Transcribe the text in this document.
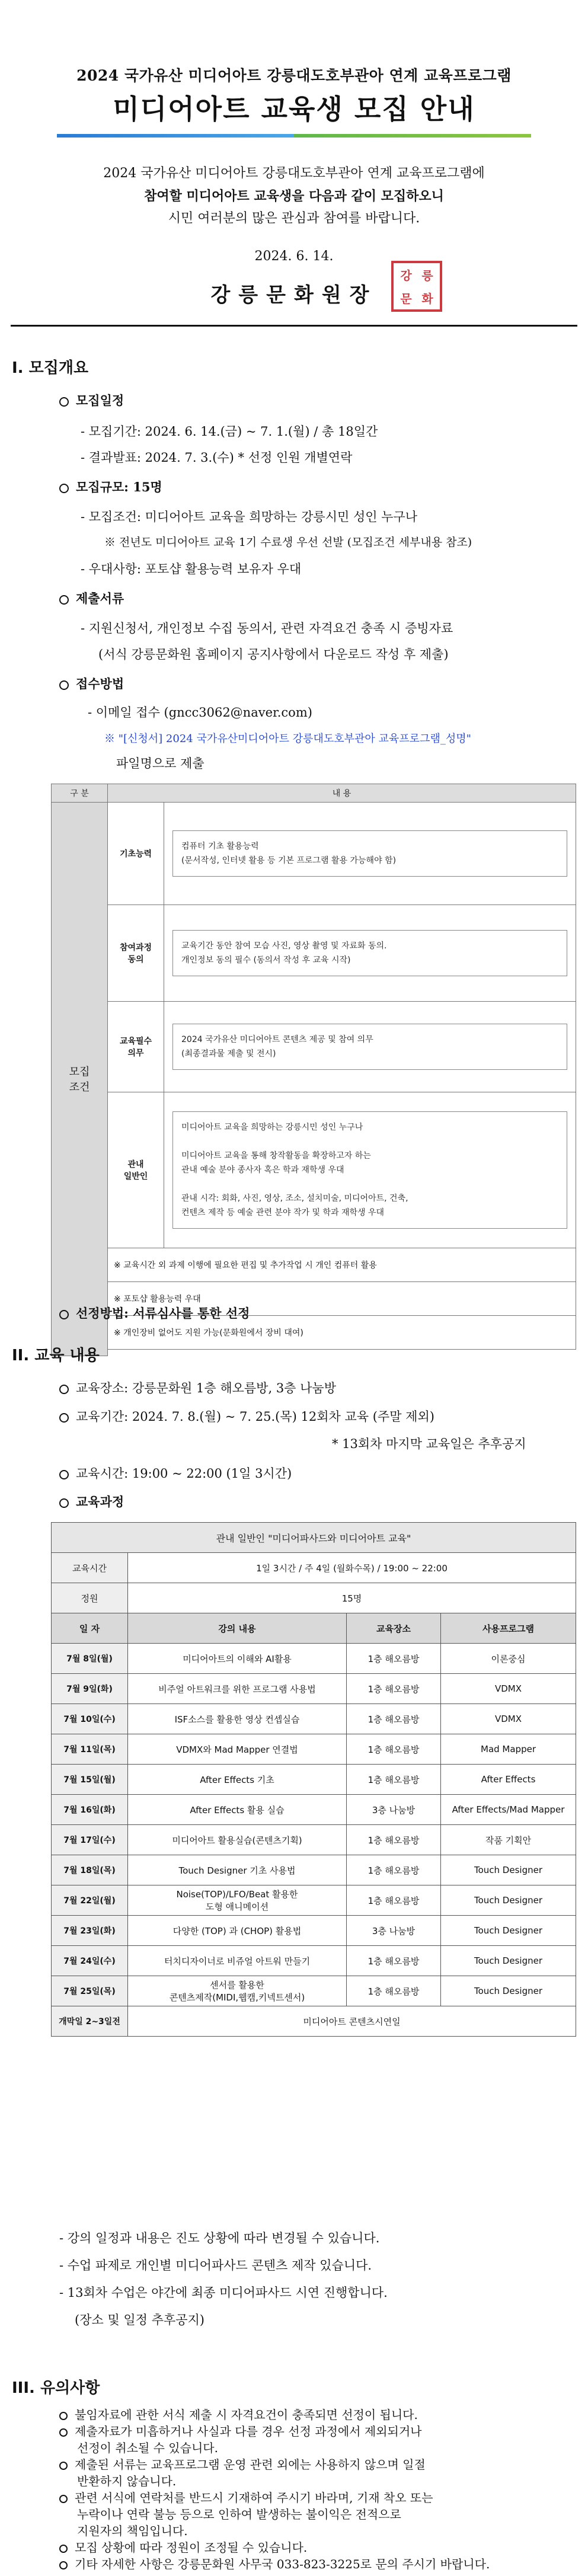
2024 국가유산 미디어아트 강릉대도호부관아 연계 교육프로그램
미디어아트 교육생 모집 안내
2024 국가유산 미디어아트 강릉대도호부관아 연계 교육프로그램에
참여할 미디어아트 교육생을 다음과 같이 모집하오니
시민 여러분의 많은 관심과 참여를 바랍니다.
2024. 6. 14.
강릉문화원장
강 릉
문 화
I. 모집개요
모집일정
- 모집기간: 2024. 6. 14.(금) ~ 7. 1.(월) / 총 18일간
- 결과발표: 2024. 7. 3.(수) * 선정 인원 개별연락
모집규모: 15명
- 모집조건: 미디어아트 교육을 희망하는 강릉시민 성인 누구나
※ 전년도 미디어아트 교육 1기 수료생 우선 선발 (모집조건 세부내용 참조)
- 우대사항: 포토샵 활용능력 보유자 우대
제출서류
- 지원신청서, 개인정보 수집 동의서, 관련 자격요건 충족 시 증빙자료
(서식 강릉문화원 홈페이지 공지사항에서 다운로드 작성 후 제출)
접수방법
- 이메일 접수 (gncc3062@naver.com)
※ "[신청서] 2024 국가유산미디어아트 강릉대도호부관아 교육프로그램_성명"
파일명으로 제출
구 분	내 용	
모집
조건	기초능력	컴퓨터 기초 활용능력
(문서작성, 인터넷 활용 등 기본 프로그램 활용 가능해야 함)

	참여과정
동의	교육기간 동안 참여 모습 사진, 영상 촬영 및 자료화 동의.
개인정보 동의 필수 (동의서 작성 후 교육 시작)

	교육필수
의무	2024 국가유산 미디어아트 콘텐츠 제공 및 참여 의무
(최종결과물 제출 및 전시)

	관내
일반인	미디어아트 교육을 희망하는 강릉시민 성인 누구나

미디어아트 교육을 통해 창작활동을 확장하고자 하는
관내 예술 분야 종사자 혹은 학과 재학생 우대

관내 시각: 회화, 사진, 영상, 조소, 설치미술, 미디어아트, 건축,
컨텐츠 제작 등 예술 관련 분야 작가 및 학과 재학생 우대

	※ 교육시간 외 과제 이행에 필요한 편집 및 추가작업 시 개인 컴퓨터 활용	
	※ 포토샵 활용능력 우대	
	※ 개인장비 없어도 지원 가능(문화원에서 장비 대여)	

선정방법: 서류심사를 통한 선정
II. 교육 내용
교육장소: 강릉문화원 1층 해오름방, 3층 나눔방
교육기간: 2024. 7. 8.(월) ~ 7. 25.(목) 12회차 교육 (주말 제외)
* 13회차 마지막 교육일은 추후공지
교육시간: 19:00 ~ 22:00 (1일 3시간)
교육과정
관내 일반인 "미디어파사드와 미디어아트 교육"			
교육시간	1일 3시간 / 주 4일 (월화수목) / 19:00 ~ 22:00		
정원	15명		
일 자	강의 내용	교육장소	사용프로그램
7월 8일(월)	미디어아트의 이해와 AI활용	1층 해오름방	이론중심
7월 9일(화)	비주얼 아트워크를 위한 프로그램 사용법	1층 해오름방	VDMX
7월 10일(수)	ISF소스를 활용한 영상 컨셉실습	1층 해오름방	VDMX
7월 11일(목)	VDMX와 Mad Mapper 연결법	1층 해오름방	Mad Mapper
7월 15일(월)	After Effects 기초	1층 해오름방	After Effects
7월 16일(화)	After Effects 활용 실습	3층 나눔방	After Effects/Mad Mapper
7월 17일(수)	미디어아트 활용실습(콘텐츠기획)	1층 해오름방	작품 기획안
7월 18일(목)	Touch Designer 기초 사용법	1층 해오름방	Touch Designer
7월 22일(월)	Noise(TOP)/LFO/Beat 활용한
도형 애니메이션	1층 해오름방	Touch Designer
7월 23일(화)	다양한 (TOP) 과 (CHOP) 활용법	3층 나눔방	Touch Designer
7월 24일(수)	터치디자이너로 비쥬얼 아트워 만들기	1층 해오름방	Touch Designer
7월 25일(목)	센서를 활용한
콘텐츠제작(MIDI,웹캠,키넥트센서)	1층 해오름방	Touch Designer
개막일 2~3일전	미디어아트 콘텐츠시연일		
- 강의 일정과 내용은 진도 상황에 따라 변경될 수 있습니다.
- 수업 파제로 개인별 미디어파사드 콘텐츠 제작 있습니다.
- 13회차 수업은 야간에 최종 미디어파사드 시연 진행합니다.
(장소 및 일정 추후공지)
III. 유의사항
불임자료에 관한 서식 제출 시 자격요건이 충족되면 선정이 됩니다.
제출자료가 미흡하거나 사실과 다를 경우 선정 과정에서 제외되거나
선정이 취소될 수 있습니다.
제출된 서류는 교육프로그램 운영 관련 외에는 사용하지 않으며 일절
반환하지 않습니다.
관련 서식에 연락처를 반드시 기재하여 주시기 바라며, 기재 착오 또는
누락이나 연락 불능 등으로 인하여 발생하는 불이익은 전적으로
지원자의 책임입니다.
모집 상황에 따라 정원이 조정될 수 있습니다.
기타 자세한 사항은 강릉문화원 사무국 033-823-3225로 문의 주시기 바랍니다.
